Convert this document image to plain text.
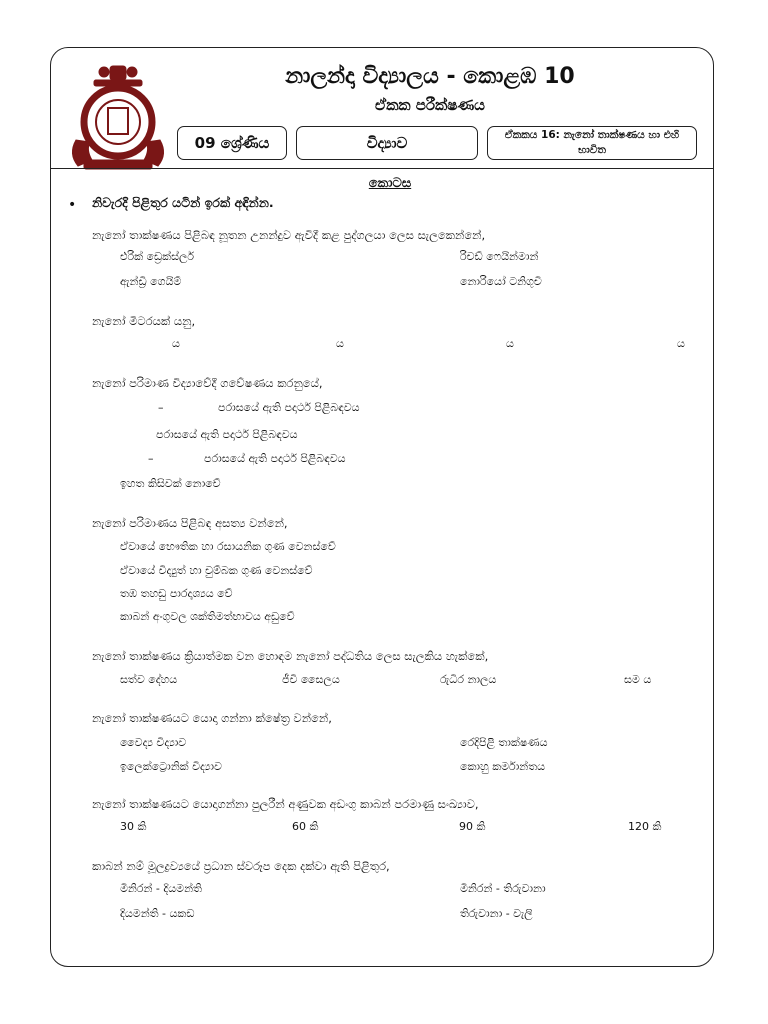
නාලන්දා විද්‍යාලය - කොළඹ 10
ඒකක පරීක්ෂණය
09 ශ්‍රේණිය	විද්‍යාව	ඒකකය 16: නැනෝ තාක්ෂණය හා එහි භාවිත
කොටස
• නිවැරදි පිළිතුර යටින් ඉරක් අඳින්න.
නැනෝ තාක්ෂණය පිළිබඳ නූතන උනන්දුව ඇවිදී කළ පුද්ගලයා ලෙස සැලකෙන්නේ,
එරික් ඩ්‍රෙක්ස්ලර්	රිචඩ් ෆෙයින්මාන්
ඇන්ඩ්‍රි ගෙයිම්	නොරියෝ ටනිගුචි
නැනෝ මීටරයක් යනු,
ය	ය	ය	ය
නැනෝ පරිමාණ විද්‍යාවේදී ගවේෂණය කරනුයේ,
–	පරාසයේ ඇති පදාර්ථ පිළිබඳවය
පරාසයේ ඇති පදාර්ථ පිළිබඳවය
–	පරාසයේ ඇති පදාර්ථ පිළිබඳවය
ඉහත කිසිවක් නොවේ
නැනෝ පරිමාණය පිළිබඳ අසත්‍ය වන්නේ,
ඒවායේ භෞතික හා රසායනික ගුණ වෙනස්වේ
ඒවායේ විද්‍යුත් හා චුම්බක ගුණ වෙනස්වේ
තඹ තහඩු පාරදෘශ්‍යය වේ
කාබන් අංගුවල ශක්තිමත්භාවය අඩුවේ
නැනෝ තාක්ෂණය ක්‍රියාත්මක වන හොඳම නැනෝ පද්ධතිය ලෙස සැලකිය හැක්කේ,
සත්ව දේහය	ජීවී සෛලය	රුධිර නාලය	සම ය
නැනෝ තාක්ෂණයට යොදා ගන්නා ක්ෂේත්‍ර වන්නේ,
වෛද්‍ය විද්‍යාව	රෙදිපිළි තාක්ෂණය
ඉලෙක්ට්‍රොනික් විද්‍යාව	කොහු කර්මාන්තය
නැනෝ තාක්ෂණයට යොදාගන්නා පුලරීන් අණුවක අඩංගු කාබන් පරමාණු සංඛ්‍යාව,
30 කි	60 කි	90 කි	120 කි
කාබන් නම් මූලද්‍රව්‍යයේ ප්‍රධාන ස්වරූප දෙක දක්වා ඇති පිළිතුර,
මිනිරන් - දියමන්ති	මිනිරන් - තිරුවානා
දියමන්ති - යකඩ	තිරුවානා - වැලි
